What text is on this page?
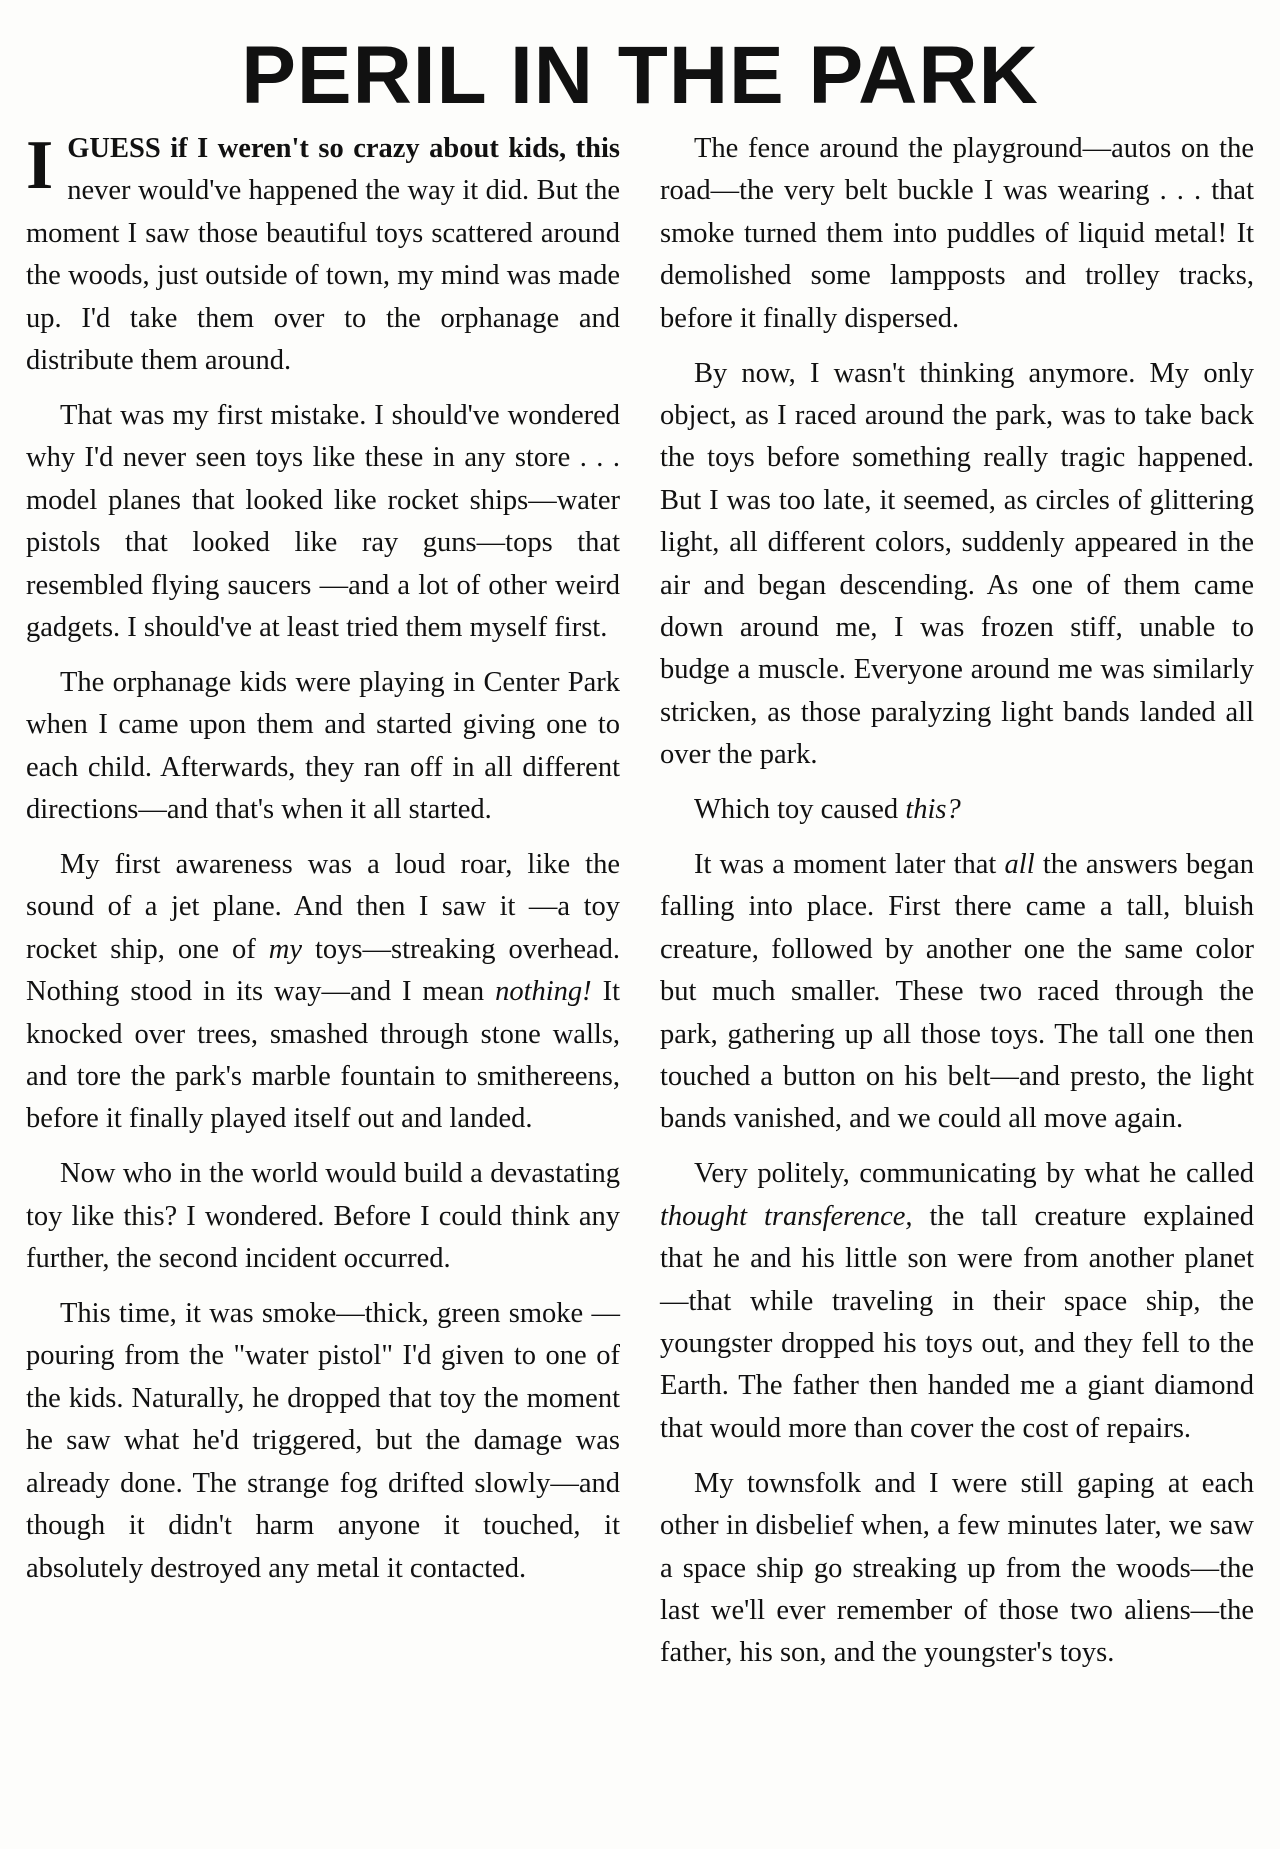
PERIL IN THE PARK

IGUESS if I weren't so crazy about kids, this never would've happened the way it did. But the moment I saw those beautiful toys scattered around the woods, just outside of town, my mind was made up. I'd take them over to the orphanage and distribute them around.

That was my first mistake. I should've wondered why I'd never seen toys like these in any store . . . model planes that looked like rocket ships—water pistols that looked like ray guns—tops that resembled flying saucers —and a lot of other weird gadgets. I should've at least tried them myself first.

The orphanage kids were playing in Center Park when I came upon them and started giving one to each child. Afterwards, they ran off in all different directions—and that's when it all started.

My first awareness was a loud roar, like the sound of a jet plane. And then I saw it —a toy rocket ship, one of my toys—streaking overhead. Nothing stood in its way—and I mean nothing! It knocked over trees, smashed through stone walls, and tore the park's marble fountain to smithereens, before it finally played itself out and landed.

Now who in the world would build a devastating toy like this? I wondered. Before I could think any further, the second incident occurred.

This time, it was smoke—thick, green smoke —pouring from the "water pistol" I'd given to one of the kids. Naturally, he dropped that toy the moment he saw what he'd triggered, but the damage was already done. The strange fog drifted slowly—and though it didn't harm anyone it touched, it absolutely destroyed any metal it contacted.

The fence around the playground—autos on the road—the very belt buckle I was wearing . . . that smoke turned them into puddles of liquid metal! It demolished some lampposts and trolley tracks, before it finally dispersed.

By now, I wasn't thinking anymore. My only object, as I raced around the park, was to take back the toys before something really tragic happened. But I was too late, it seemed, as circles of glittering light, all different colors, suddenly appeared in the air and began descending. As one of them came down around me, I was frozen stiff, unable to budge a muscle. Everyone around me was similarly stricken, as those paralyzing light bands landed all over the park.

Which toy caused this?

It was a moment later that all the answers began falling into place. First there came a tall, bluish creature, followed by another one the same color but much smaller. These two raced through the park, gathering up all those toys. The tall one then touched a button on his belt—and presto, the light bands vanished, and we could all move again.

Very politely, communicating by what he called thought transference, the tall creature explained that he and his little son were from another planet—that while traveling in their space ship, the youngster dropped his toys out, and they fell to the Earth. The father then handed me a giant diamond that would more than cover the cost of repairs.

My townsfolk and I were still gaping at each other in disbelief when, a few minutes later, we saw a space ship go streaking up from the woods—the last we'll ever remember of those two aliens—the father, his son, and the youngster's toys.
